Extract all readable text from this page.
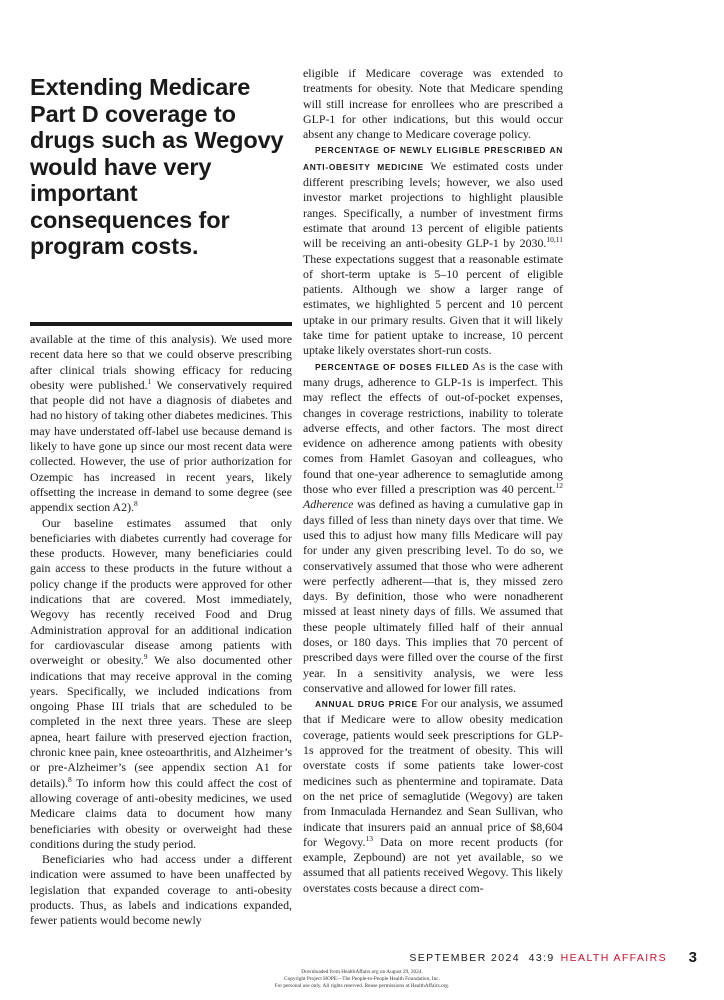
Extending Medicare Part D coverage to drugs such as Wegovy would have very important consequences for program costs.

available at the time of this analysis). We used more recent data here so that we could observe prescribing after clinical trials showing efficacy for reducing obesity were published.$^1$ We conservatively required that people did not have a diagnosis of diabetes and had no history of taking other diabetes medicines. This may have understated off-label use because demand is likely to have gone up since our most recent data were collected. However, the use of prior authorization for Ozempic has increased in recent years, likely offsetting the increase in demand to some degree (see appendix section A2).$^8$

Our baseline estimates assumed that only beneficiaries with diabetes currently had coverage for these products. However, many beneficiaries could gain access to these products in the future without a policy change if the products were approved for other indications that are covered. Most immediately, Wegovy has recently received Food and Drug Administration approval for an additional indication for cardiovascular disease among patients with overweight or obesity.$^9$ We also documented other indications that may receive approval in the coming years. Specifically, we included indications from ongoing Phase III trials that are scheduled to be completed in the next three years. These are sleep apnea, heart failure with preserved ejection fraction, chronic knee pain, knee osteoarthritis, and Alzheimer’s or pre-Alzheimer’s (see appendix section A1 for details).$^8$ To inform how this could affect the cost of allowing coverage of anti-obesity medicines, we used Medicare claims data to document how many beneficiaries with obesity or overweight had these conditions during the study period.

Beneficiaries who had access under a different indication were assumed to have been unaffected by legislation that expanded coverage to anti-obesity products. Thus, as labels and indications expanded, fewer patients would become newly

eligible if Medicare coverage was extended to treatments for obesity. Note that Medicare spending will still increase for enrollees who are prescribed a GLP-1 for other indications, but this would occur absent any change to Medicare coverage policy.

PERCENTAGE OF NEWLY ELIGIBLE PRESCRIBED AN ANTI-OBESITY MEDICINE We estimated costs under different prescribing levels; however, we also used investor market projections to highlight plausible ranges. Specifically, a number of investment firms estimate that around 13 percent of eligible patients will be receiving an anti-obesity GLP-1 by 2030.$^{10,11}$ These expectations suggest that a reasonable estimate of short-term uptake is 5–10 percent of eligible patients. Although we show a larger range of estimates, we highlighted 5 percent and 10 percent uptake in our primary results. Given that it will likely take time for patient uptake to increase, 10 percent uptake likely overstates short-run costs.

PERCENTAGE OF DOSES FILLED As is the case with many drugs, adherence to GLP-1s is imperfect. This may reflect the effects of out-of-pocket expenses, changes in coverage restrictions, inability to tolerate adverse effects, and other factors. The most direct evidence on adherence among patients with obesity comes from Hamlet Gasoyan and colleagues, who found that one-year adherence to semaglutide among those who ever filled a prescription was 40 percent.$^{12}$ Adherence was defined as having a cumulative gap in days filled of less than ninety days over that time. We used this to adjust how many fills Medicare will pay for under any given prescribing level. To do so, we conservatively assumed that those who were adherent were perfectly adherent—that is, they missed zero days. By definition, those who were nonadherent missed at least ninety days of fills. We assumed that these people ultimately filled half of their annual doses, or 180 days. This implies that 70 percent of prescribed days were filled over the course of the first year. In a sensitivity analysis, we were less conservative and allowed for lower fill rates.

ANNUAL DRUG PRICE For our analysis, we assumed that if Medicare were to allow obesity medication coverage, patients would seek prescriptions for GLP-1s approved for the treatment of obesity. This will overstate costs if some patients take lower-cost medicines such as phentermine and topiramate. Data on the net price of semaglutide (Wegovy) are taken from Inmaculada Hernandez and Sean Sullivan, who indicate that insurers paid an annual price of $8,604 for Wegovy.$^{13}$ Data on more recent products (for example, Zepbound) are not yet available, so we assumed that all patients received Wegovy. This likely overstates costs because a direct com-

SEPTEMBER 2024 43:9 HEALTH AFFAIRS 3
Downloaded from HealthAffairs.org on August 29, 2024.
Copyright Project HOPE—The People-to-People Health Foundation, Inc.
For personal use only. All rights reserved. Reuse permissions at HealthAffairs.org.
